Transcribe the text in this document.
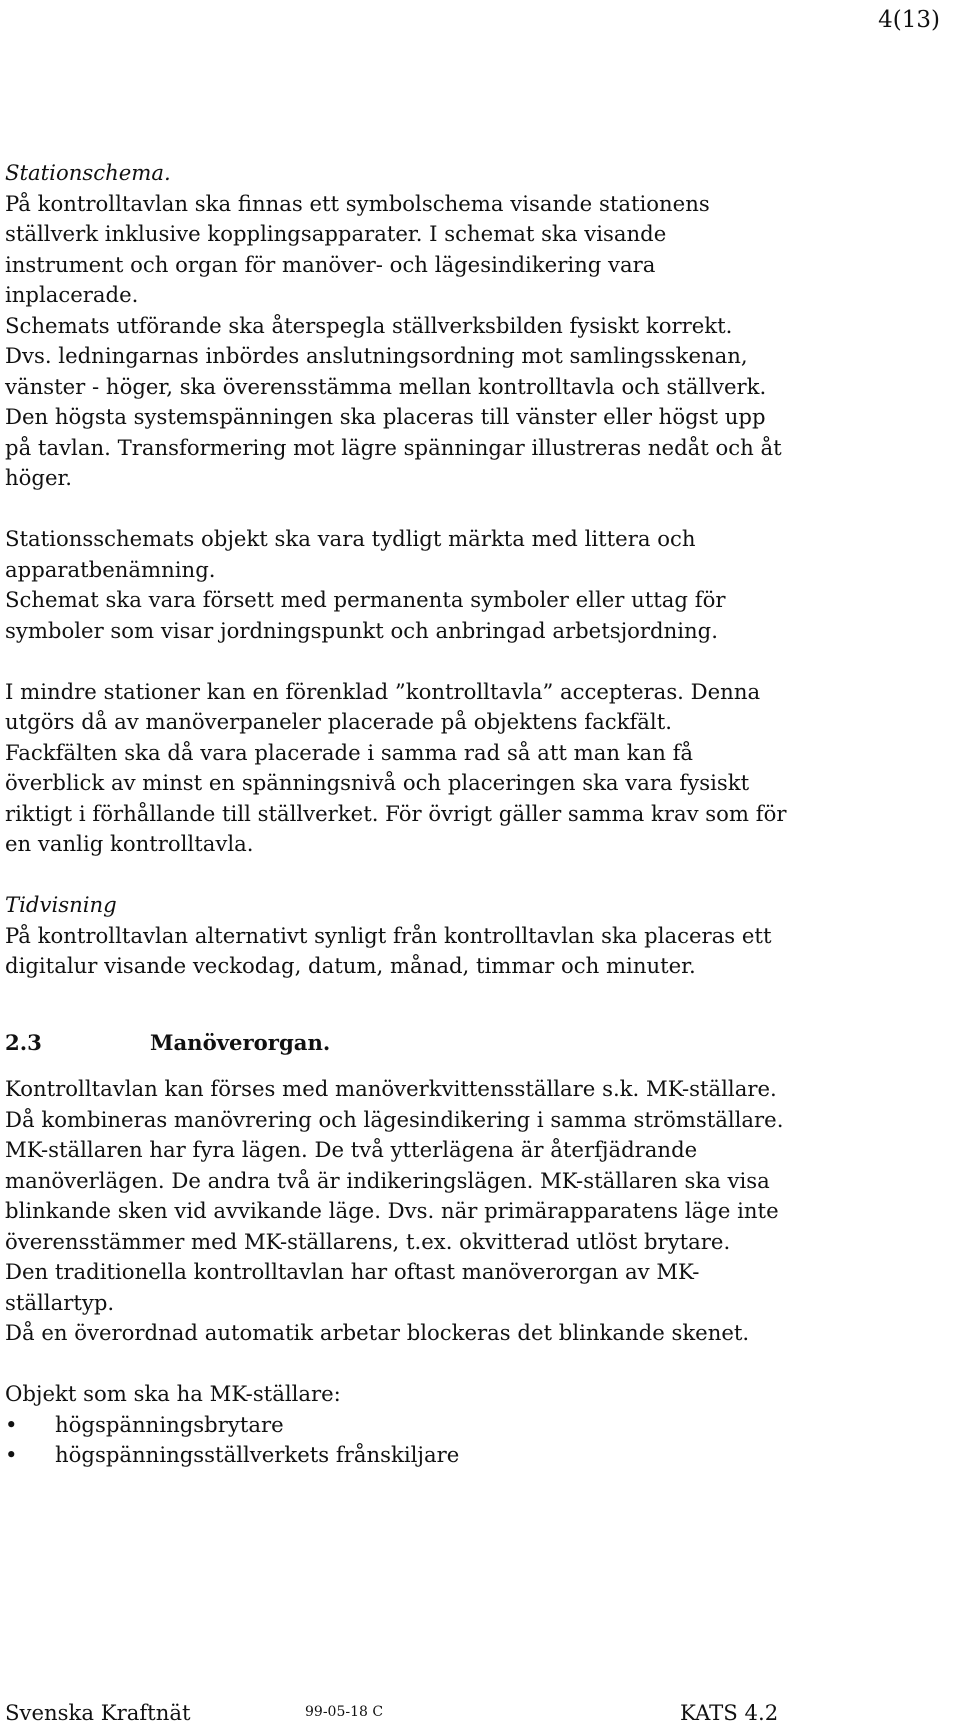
4(13)

Stationschema.

På kontrolltavlan ska finnas ett symbolschema visande stationens

ställverk inklusive kopplingsapparater. I schemat ska visande

instrument och organ för manöver- och lägesindikering vara

inplacerade.

Schemats utförande ska återspegla ställverksbilden fysiskt korrekt.

Dvs. ledningarnas inbördes anslutningsordning mot samlingsskenan,

vänster - höger, ska överensstämma mellan kontrolltavla och ställverk.

Den högsta systemspänningen ska placeras till vänster eller högst upp

på tavlan. Transformering mot lägre spänningar illustreras nedåt och åt

höger.

Stationsschemats objekt ska vara tydligt märkta med littera och

apparatbenämning.

Schemat ska vara försett med permanenta symboler eller uttag för

symboler som visar jordningspunkt och anbringad arbetsjordning.

I mindre stationer kan en förenklad ”kontrolltavla” accepteras. Denna

utgörs då av manöverpaneler placerade på objektens fackfält.

Fackfälten ska då vara placerade i samma rad så att man kan få

överblick av minst en spänningsnivå och placeringen ska vara fysiskt

riktigt i förhållande till ställverket. För övrigt gäller samma krav som för

en vanlig kontrolltavla.

Tidvisning

På kontrolltavlan alternativt synligt från kontrolltavlan ska placeras ett

digitalur visande veckodag, datum, månad, timmar och minuter.

2.3	Manöverorgan.

Kontrolltavlan kan förses med manöverkvittensställare s.k. MK-ställare.

Då kombineras manövrering och lägesindikering i samma strömställare.

MK-ställaren har fyra lägen. De två ytterlägena är återfjädrande

manöverlägen. De andra två är indikeringslägen. MK-ställaren ska visa

blinkande sken vid avvikande läge. Dvs. när primärapparatens läge inte

överensstämmer med MK-ställarens, t.ex. okvitterad utlöst brytare.

Den traditionella kontrolltavlan har oftast manöverorgan av MK-

ställartyp.

Då en överordnad automatik arbetar blockeras det blinkande skenet.

Objekt som ska ha MK-ställare:

•	högspänningsbrytare
•	högspänningsställverkets frånskiljare
Svenska Kraftnät	99-05-18 C	KATS 4.2
